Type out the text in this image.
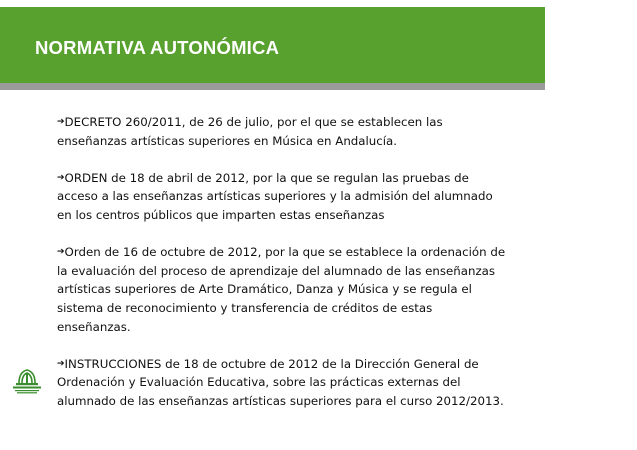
NORMATIVA AUTONÓMICA

➔DECRETO 260/2011, de 26 de julio, por el que se establecen las enseñanzas artísticas superiores en Música en Andalucía.

➔ORDEN de 18 de abril de 2012, por la que se regulan las pruebas de acceso a las enseñanzas artísticas superiores y la admisión del alumnado en los centros públicos que imparten estas enseñanzas

➔Orden de 16 de octubre de 2012, por la que se establece la ordenación de la evaluación del proceso de aprendizaje del alumnado de las enseñanzas artísticas superiores de Arte Dramático, Danza y Música y se regula el sistema de reconocimiento y transferencia de créditos de estas enseñanzas.

➔INSTRUCCIONES de 18 de octubre de 2012 de la Dirección General de Ordenación y Evaluación Educativa, sobre las prácticas externas del alumnado de las enseñanzas artísticas superiores para el curso 2012/2013.
